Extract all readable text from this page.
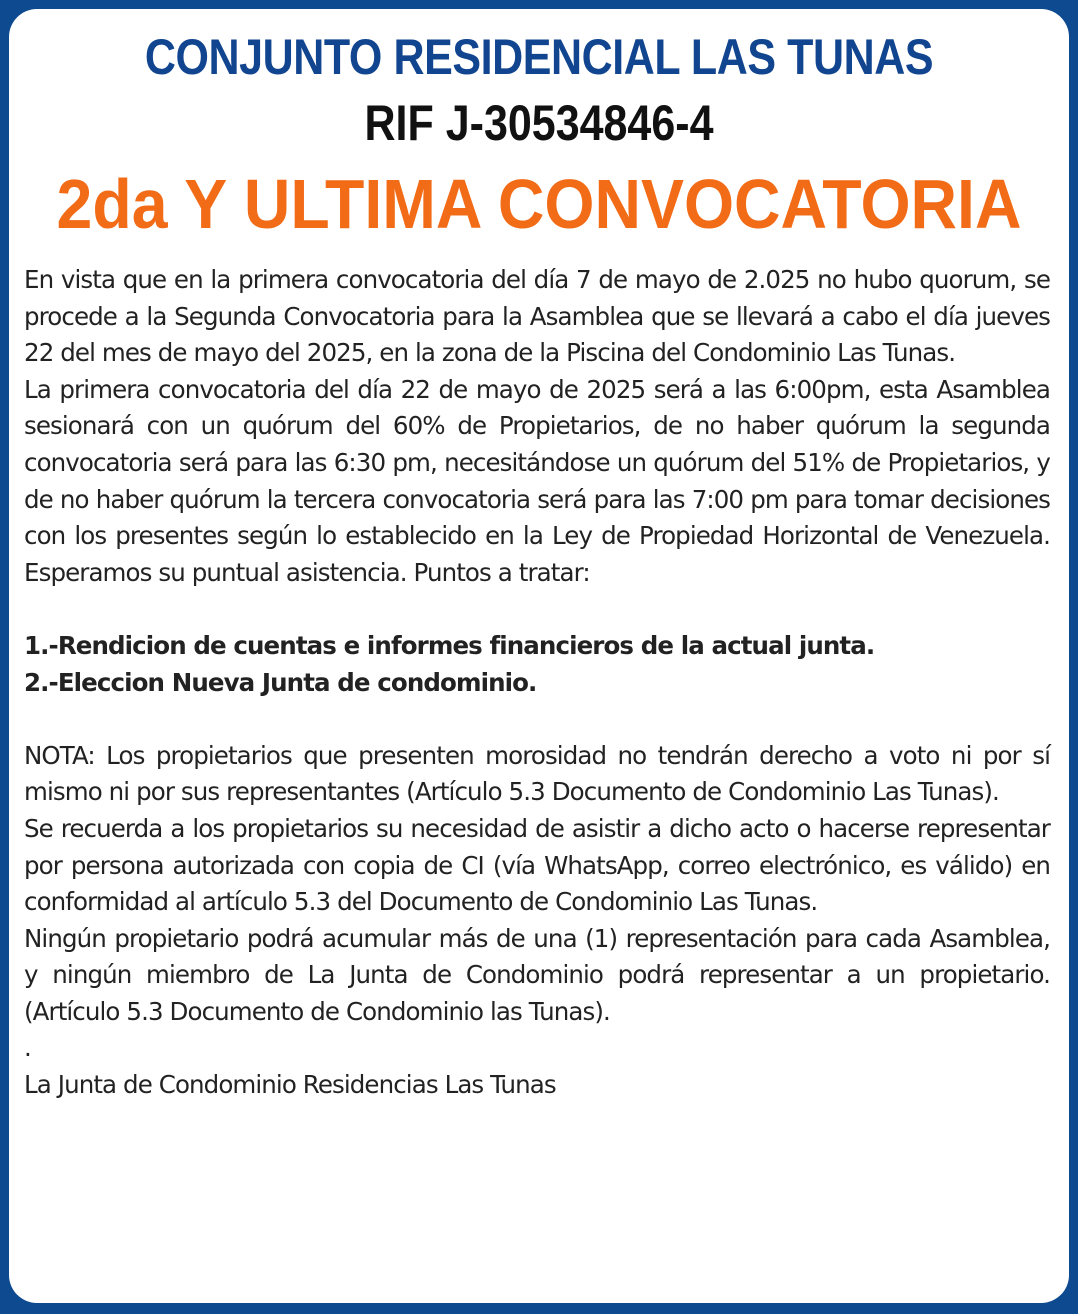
CONJUNTO RESIDENCIAL LAS TUNAS
RIF J-30534846-4
2da Y ULTIMA CONVOCATORIA

En vista que en la primera convocatoria del día 7 de mayo de 2.025 no hubo quorum, se procede a la Segunda Convocatoria para la Asamblea que se llevará a cabo el día jueves 22 del mes de mayo del 2025, en la zona de la Piscina del Condominio Las Tunas.

La primera convocatoria del día 22 de mayo de 2025 será a las 6:00pm, esta Asamblea sesionará con un quórum del 60% de Propietarios, de no haber quórum la segunda convocatoria será para las 6:30 pm, necesitándose un quórum del 51% de Propietarios, y de no haber quórum la tercera convocatoria será para las 7:00 pm para tomar decisiones con los presentes según lo establecido en la Ley de Propiedad Horizontal de Venezuela. Esperamos su puntual asistencia. Puntos a tratar:

1.-Rendicion de cuentas e informes financieros de la actual junta.

2.-Eleccion Nueva Junta de condominio.

NOTA: Los propietarios que presenten morosidad no tendrán derecho a voto ni por sí mismo ni por sus representantes (Artículo 5.3 Documento de Condominio Las Tunas).

Se recuerda a los propietarios su necesidad de asistir a dicho acto o hacerse representar por persona autorizada con copia de CI (vía WhatsApp, correo electrónico, es válido) en conformidad al artículo 5.3 del Documento de Condominio Las Tunas.

Ningún propietario podrá acumular más de una (1) representación para cada Asamblea, y ningún miembro de La Junta de Condominio podrá representar a un propietario. (Artículo 5.3 Documento de Condominio las Tunas).

.

La Junta de Condominio Residencias Las Tunas
